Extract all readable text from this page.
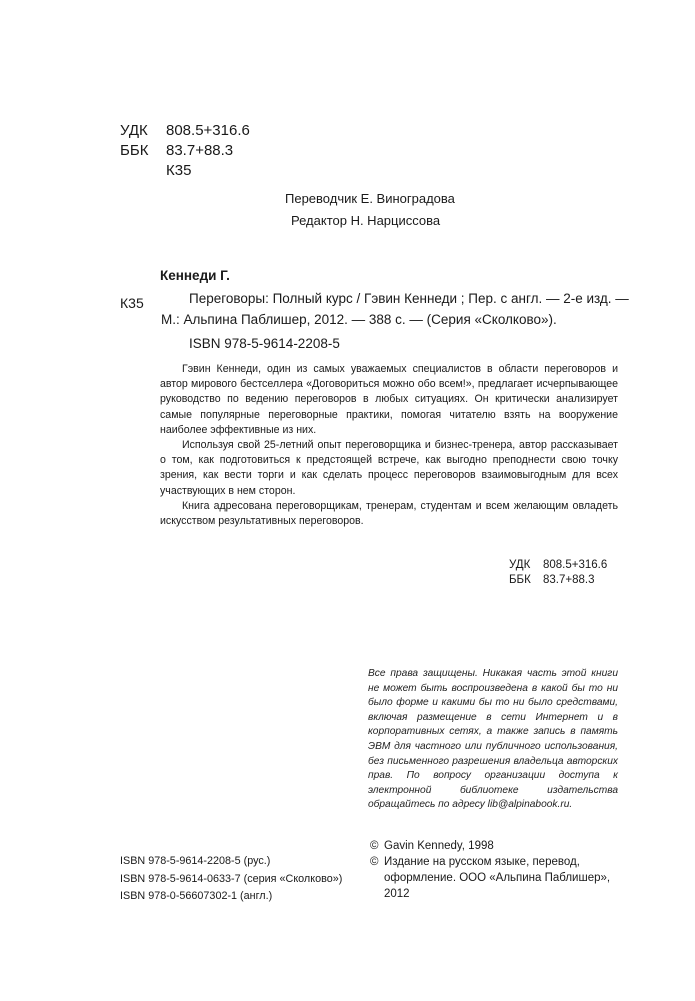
УДК 808.5+316.6
ББК 83.7+88.3
К35
Переводчик Е. Виноградова
Редактор Н. Нарциссова
Кеннеди Г.
К35	Переговоры: Полный курс / Гэвин Кеннеди ; Пер. с англ. — 2-е изд. —
М.: Альпина Паблишер, 2012. — 388 с. — (Серия «Сколково»).
ISBN 978-5-9614-2208-5

Гэвин Кеннеди, один из самых уважаемых специалистов в области переговоров и автор мирового бестселлера «Договориться можно обо всем!», предлагает исчерпывающее руководство по ведению переговоров в любых ситуациях. Он критически анализирует самые популярные переговорные практики, помогая читателю взять на вооружение наиболее эффективные из них.

Используя свой 25-летний опыт переговорщика и бизнес-тренера, автор рассказывает о том, как подготовиться к предстоящей встрече, как выгодно преподнести свою точку зрения, как вести торги и как сделать процесс переговоров взаимовыгодным для всех участвующих в нем сторон.

Книга адресована переговорщикам, тренерам, студентам и всем желающим овладеть искусством результативных переговоров.

УДК 808.5+316.6
ББК 83.7+88.3
Все права защищены. Никакая часть этой книги не может быть воспроизведена в какой бы то ни было форме и какими бы то ни было средствами, включая размещение в сети Интернет и в корпоративных сетях, а также запись в память ЭВМ для частного или публичного использования, без письменного разрешения владельца авторских прав. По вопросу организации доступа к электронной библиотеке издательства обращайтесь по адресу lib@alpinabook.ru.
ISBN 978-5-9614-2208-5 (рус.)
ISBN 978-5-9614-0633-7 (серия «Сколково»)
ISBN 978-0-56607302-1 (англ.)
© Gavin Kennedy, 1998
© Издание на русском языке, перевод, оформление. ООО «Альпина Паблишер», 2012
